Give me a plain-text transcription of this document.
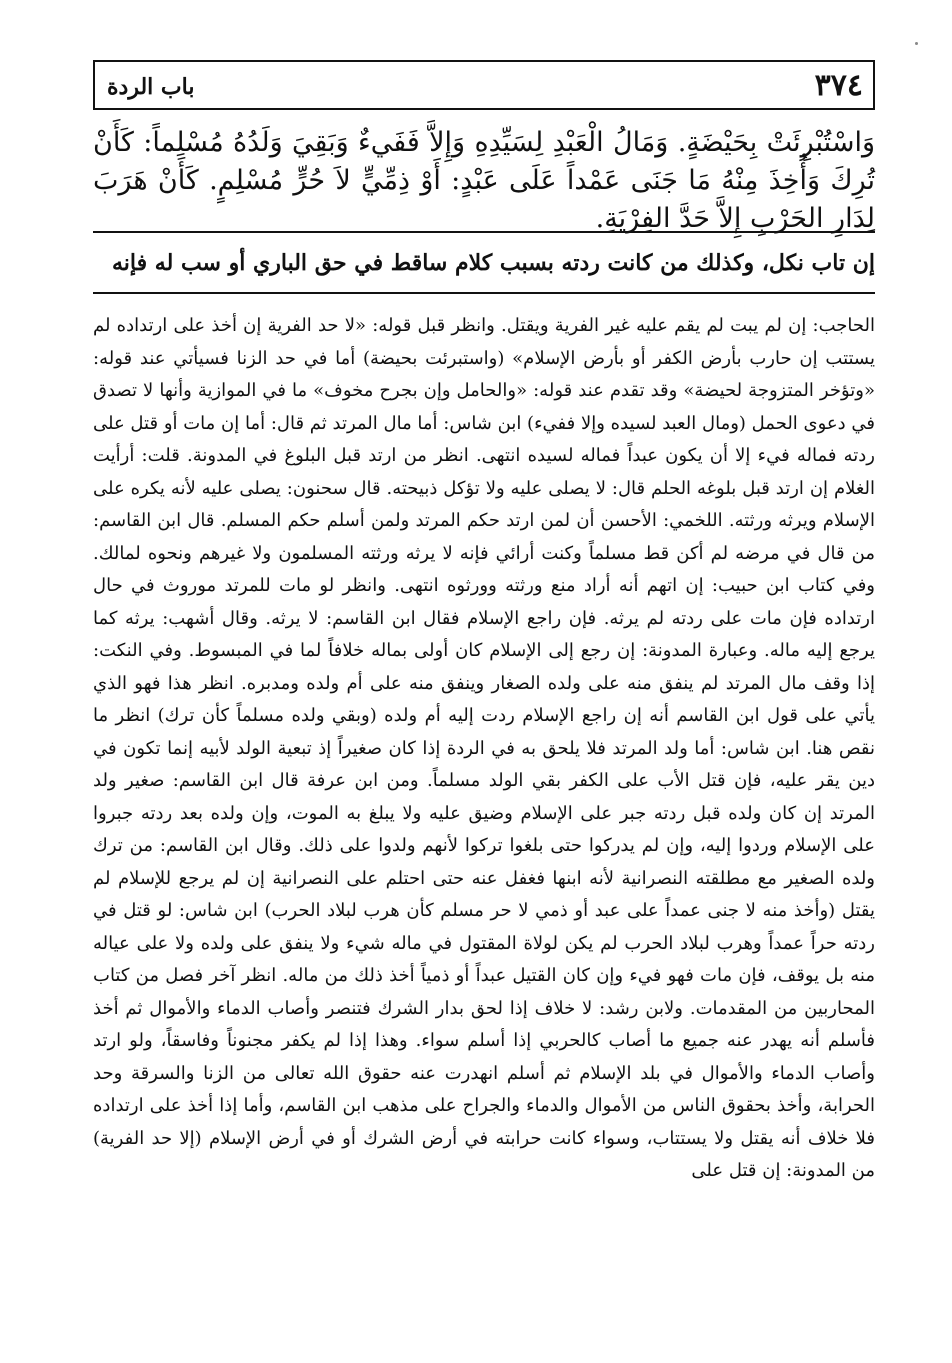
٣٧٤
باب الردة

وَاسْتُبْرِئَتْ بِحَيْضَةٍ. وَمَالُ الْعَبْدِ لِسَيِّدِهِ وَإِلاَّ فَفَيءٌ وَبَقِيَ وَلَدُهُ مُسْلِماً: كَأَنْ تُرِكَ وَأُخِذَ مِنْهُ مَا جَنَى عَمْداً عَلَى عَبْدٍ: أَوْ ذِمِّيٍّ لاَ حُرٍّ مُسْلِمٍ. كَأَنْ هَرَبَ لِدَارِ الحَرْبِ إِلاَّ حَدَّ الفِرْيَةِ.

إن تاب نكل، وكذلك من كانت ردته بسبب كلام ساقط في حق الباري أو سب له فإنه

الحاجب: إن لم يبت لم يقم عليه غير الفرية ويقتل. وانظر قبل قوله: «لا حد الفرية إن أخذ على ارتداده لم يستتب إن حارب بأرض الكفر أو بأرض الإسلام» (واستبرئت بحيضة) أما في حد الزنا فسيأتي عند قوله: «وتؤخر المتزوجة لحيضة» وقد تقدم عند قوله: «والحامل وإن بجرح مخوف» ما في الموازية وأنها لا تصدق في دعوى الحمل (ومال العبد لسيده وإلا ففيء) ابن شاس: أما مال المرتد ثم قال: أما إن مات أو قتل على ردته فماله فيء إلا أن يكون عبداً فماله لسيده انتهى. انظر من ارتد قبل البلوغ في المدونة. قلت: أرأيت الغلام إن ارتد قبل بلوغه الحلم قال: لا يصلى عليه ولا تؤكل ذبيحته. قال سحنون: يصلى عليه لأنه يكره على الإسلام ويرثه ورثته. اللخمي: الأحسن أن لمن ارتد حكم المرتد ولمن أسلم حكم المسلم. قال ابن القاسم: من قال في مرضه لم أكن قط مسلماً وكنت أرائي فإنه لا يرثه ورثته المسلمون ولا غيرهم ونحوه لمالك. وفي كتاب ابن حبيب: إن اتهم أنه أراد منع ورثته وورثوه انتهى. وانظر لو مات للمرتد موروث في حال ارتداده فإن مات على ردته لم يرثه. فإن راجع الإسلام فقال ابن القاسم: لا يرثه. وقال أشهب: يرثه كما يرجع إليه ماله. وعبارة المدونة: إن رجع إلى الإسلام كان أولى بماله خلافاً لما في المبسوط. وفي النكت: إذا وقف مال المرتد لم ينفق منه على ولده الصغار وينفق منه على أم ولده ومدبره. انظر هذا فهو الذي يأتي على قول ابن القاسم أنه إن راجع الإسلام ردت إليه أم ولده (وبقي ولده مسلماً كأن ترك) انظر ما نقص هنا. ابن شاس: أما ولد المرتد فلا يلحق به في الردة إذا كان صغيراً إذ تبعية الولد لأبيه إنما تكون في دين يقر عليه، فإن قتل الأب على الكفر بقي الولد مسلماً. ومن ابن عرفة قال ابن القاسم: صغير ولد المرتد إن كان ولده قبل ردته جبر على الإسلام وضيق عليه ولا يبلغ به الموت، وإن ولده بعد ردته جبروا على الإسلام وردوا إليه، وإن لم يدركوا حتى بلغوا تركوا لأنهم ولدوا على ذلك. وقال ابن القاسم: من ترك ولده الصغير مع مطلقته النصرانية لأنه ابنها فغفل عنه حتى احتلم على النصرانية إن لم يرجع للإسلام لم يقتل (وأخذ منه لا جنى عمداً على عبد أو ذمي لا حر مسلم كأن هرب لبلاد الحرب) ابن شاس: لو قتل في ردته حراً عمداً وهرب لبلاد الحرب لم يكن لولاة المقتول في ماله شيء ولا ينفق على ولده ولا على عياله منه بل يوقف، فإن مات فهو فيء وإن كان القتيل عبداً أو ذمياً أخذ ذلك من ماله. انظر آخر فصل من كتاب المحاربين من المقدمات. ولابن رشد: لا خلاف إذا لحق بدار الشرك فتنصر وأصاب الدماء والأموال ثم أخذ فأسلم أنه يهدر عنه جميع ما أصاب كالحربي إذا أسلم سواء. وهذا إذا لم يكفر مجنوناً وفاسقاً، ولو ارتد وأصاب الدماء والأموال في بلد الإسلام ثم أسلم انهدرت عنه حقوق الله تعالى من الزنا والسرقة وحد الحرابة، وأخذ بحقوق الناس من الأموال والدماء والجراح على مذهب ابن القاسم، وأما إذا أخذ على ارتداده فلا خلاف أنه يقتل ولا يستتاب، وسواء كانت حرابته في أرض الشرك أو في أرض الإسلام (إلا حد الفرية) من المدونة: إن قتل على
